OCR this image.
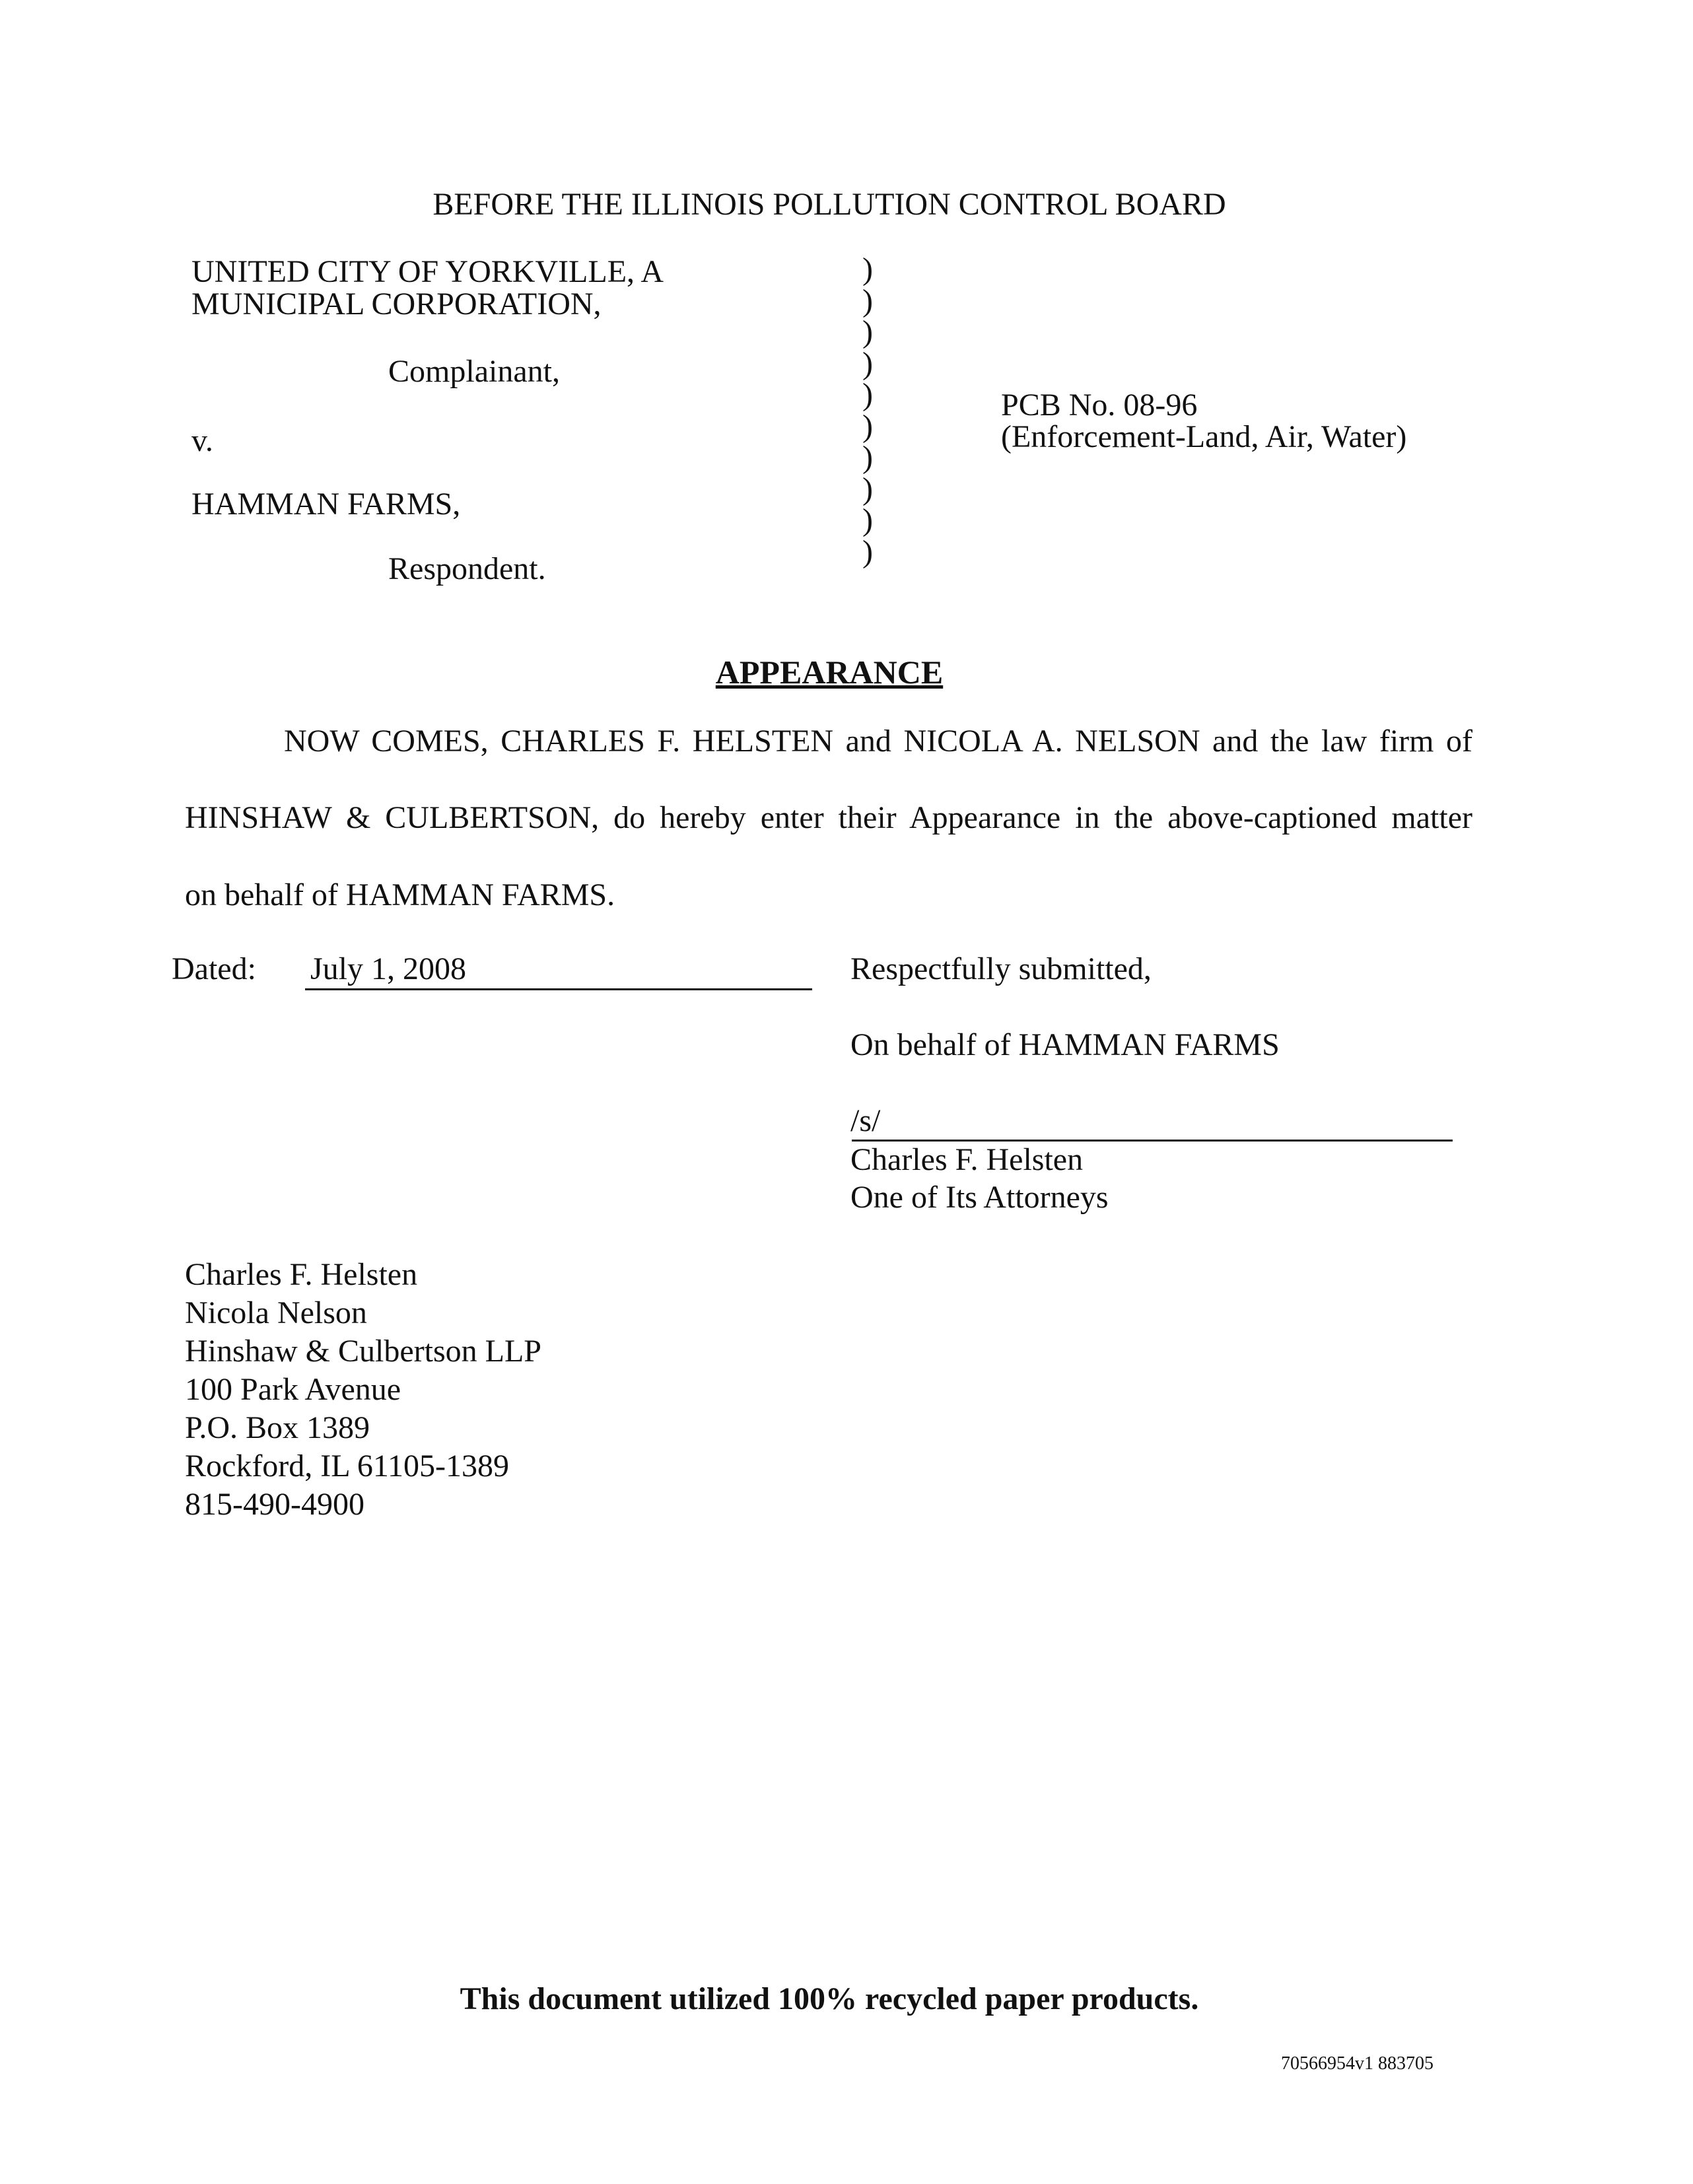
BEFORE THE ILLINOIS POLLUTION CONTROL BOARD
UNITED CITY OF YORKVILLE, A
MUNICIPAL CORPORATION,
Complainant,
v.
HAMMAN FARMS,
Respondent.
)
)
)
)
)
)
)
)
)
)
PCB No. 08-96
(Enforcement-Land, Air, Water)
APPEARANCE
NOW COMES, CHARLES F. HELSTEN and NICOLA A. NELSON and the law firm of
HINSHAW & CULBERTSON, do hereby enter their Appearance in the above-captioned matter
on behalf of HAMMAN FARMS.
Dated: July 1, 2008	Respectfully submitted,
On behalf of HAMMAN FARMS
/s/
Charles F. Helsten
One of Its Attorneys
Charles F. Helsten
Nicola Nelson
Hinshaw & Culbertson LLP
100 Park Avenue
P.O. Box 1389
Rockford, IL 61105-1389
815-490-4900
This document utilized 100% recycled paper products.
70566954v1 883705
